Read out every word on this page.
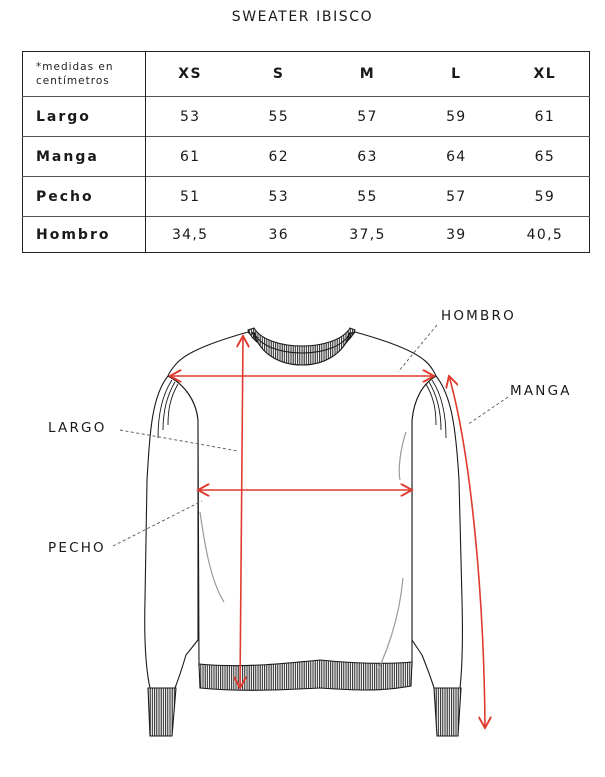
SWEATER IBISCO
*medidas en
centímetros	XS	S	M	L	XL
Largo	53	55	57	59	61
Manga	61	62	63	64	65
Pecho	51	53	55	57	59
Hombro	34,5	36	37,5	39	40,5
HOMBRO
MANGA
LARGO
PECHO
